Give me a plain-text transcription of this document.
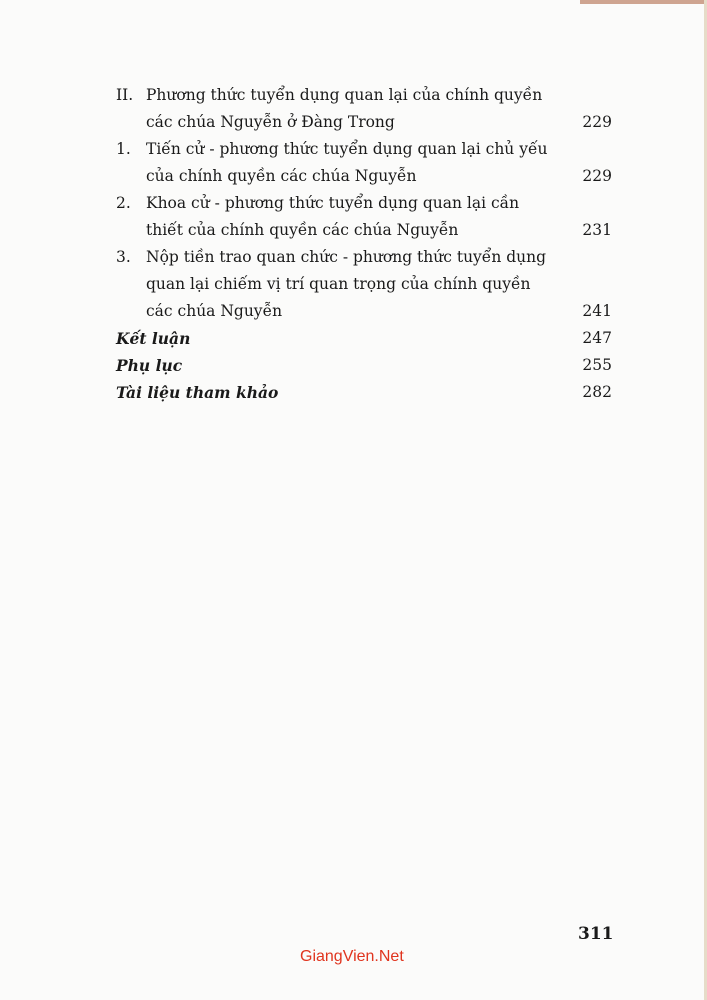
II. Phương thức tuyển dụng quan lại của chính quyền
các chúa Nguyễn ở Đàng Trong	229
1. Tiến cử - phương thức tuyển dụng quan lại chủ yếu
của chính quyền các chúa Nguyễn	229
2. Khoa cử - phương thức tuyển dụng quan lại cần
thiết của chính quyền các chúa Nguyễn	231
3. Nộp tiền trao quan chức - phương thức tuyển dụng
quan lại chiếm vị trí quan trọng của chính quyền
các chúa Nguyễn	241
Kết luận	247
Phụ lục	255
Tài liệu tham khảo	282
311
GiangVien.Net
